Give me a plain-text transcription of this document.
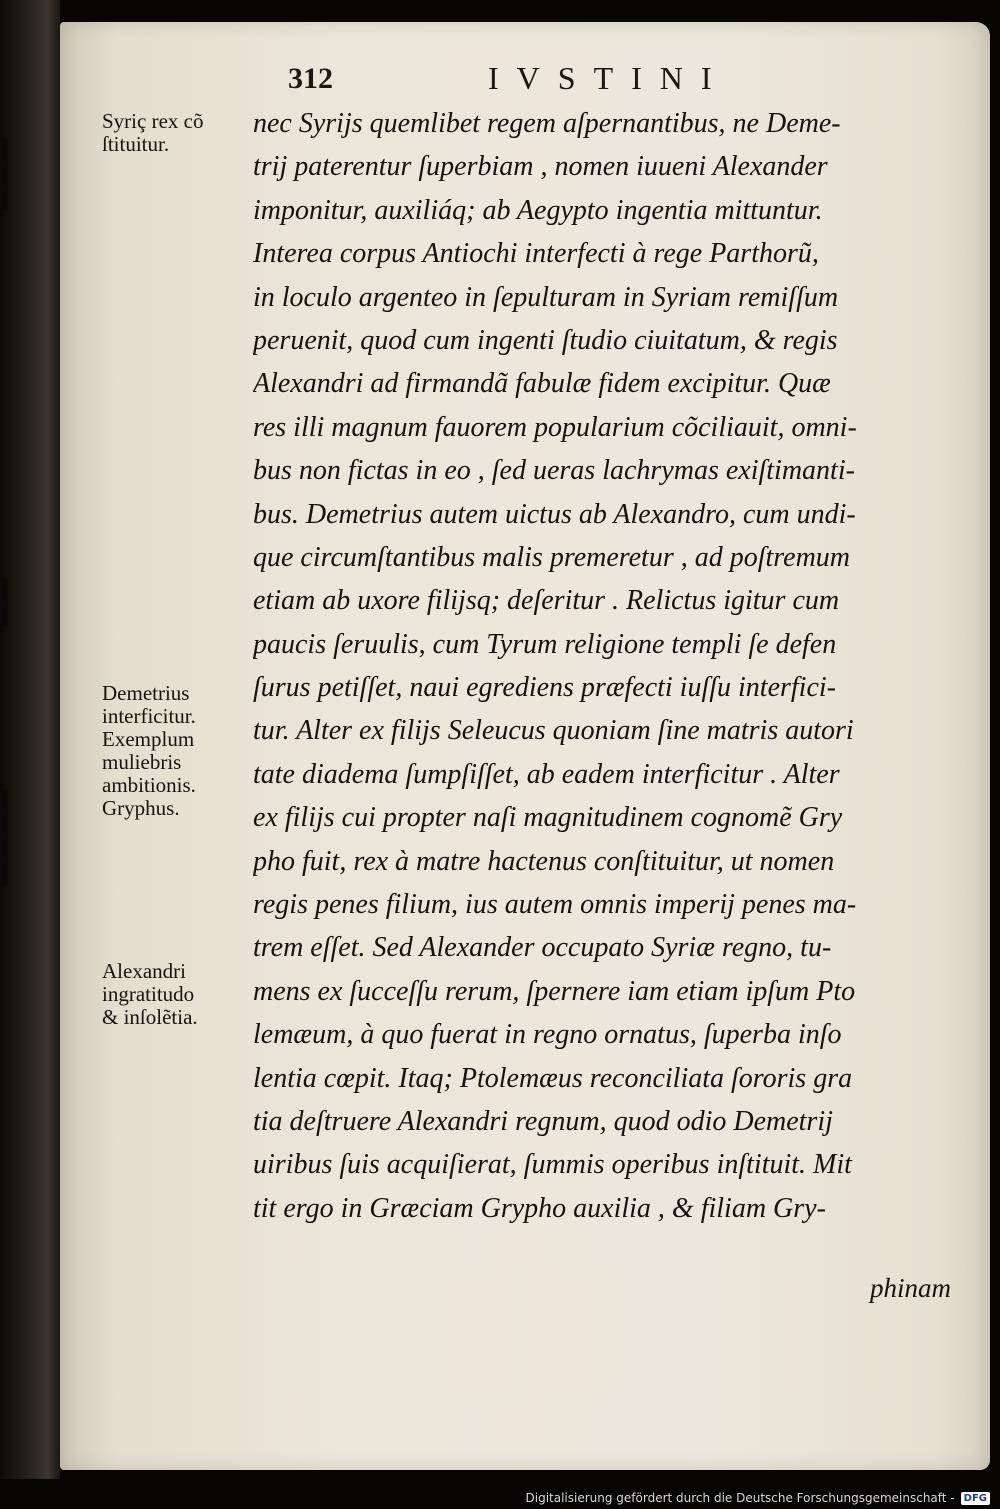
▍
▍
▍
▍
▍
▍
▍
▍
▍
312	IVSTINI
Syriç rex cõ
ſtituitur.
Demetrius
interficitur.
Exemplum
muliebris
ambitionis.
Gryphus.
Alexandri
ingratitudo
& inſolẽtia.
nec Syrijs quemlibet regem aſpernantibus, ne Deme-
trij paterentur ſuperbiam , nomen iuueni Alexander
imponitur, auxiliáq; ab Aegypto ingentia mittuntur.
Interea corpus Antiochi interfecti à rege Parthorũ,
in loculo argenteo in ſepulturam in Syriam remiſſum
peruenit, quod cum ingenti ſtudio ciuitatum, & regis
Alexandri ad firmandã fabulæ fidem excipitur. Quæ
res illi magnum fauorem popularium cõciliauit, omni-
bus non fictas in eo , ſed ueras lachrymas exiſtimanti-
bus. Demetrius autem uictus ab Alexandro, cum undi-
que circumſtantibus malis premeretur , ad poſtremum
etiam ab uxore filijsq; deſeritur . Relictus igitur cum
paucis ſeruulis, cum Tyrum religione templi ſe defen
ſurus petiſſet, naui egrediens præfecti iuſſu interfici-
tur. Alter ex filijs Seleucus quoniam ſine matris autori
tate diadema ſumpſiſſet, ab eadem interficitur . Alter
ex filijs cui propter naſi magnitudinem cognomẽ Gry
pho fuit, rex à matre hactenus conſtituitur, ut nomen
regis penes filium, ius autem omnis imperij penes ma-
trem eſſet. Sed Alexander occupato Syriæ regno, tu-
mens ex ſucceſſu rerum, ſpernere iam etiam ipſum Pto
lemæum, à quo fuerat in regno ornatus, ſuperba inſo
lentia cœpit. Itaq; Ptolemæus reconciliata ſororis gra
tia deſtruere Alexandri regnum, quod odio Demetrij
uiribus ſuis acquiſierat, ſummis operibus inſtituit. Mit
tit ergo in Græciam Grypho auxilia , & filiam Gry-
phinam
Digitalisierung gefördert durch die Deutsche Forschungsgemeinschaft - DFG
